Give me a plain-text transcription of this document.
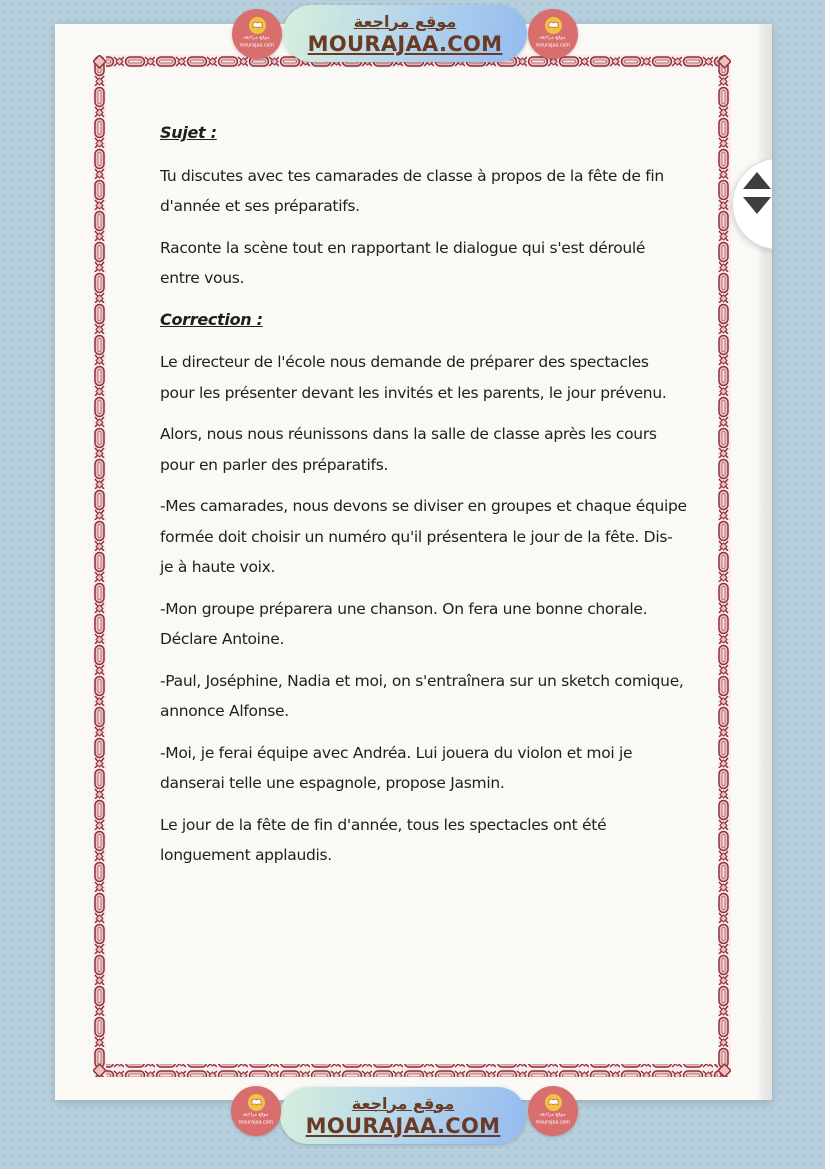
Sujet :

Tu discutes avec tes camarades de classe à propos de la fête de fin
d'année et ses préparatifs.

Raconte la scène tout en rapportant le dialogue qui s'est déroulé
entre vous.

Correction :

Le directeur de l'école nous demande de préparer des spectacles
pour les présenter devant les invités et les parents, le jour prévenu.

Alors, nous nous réunissons dans la salle de classe après les cours
pour en parler des préparatifs.

-Mes camarades, nous devons se diviser en groupes et chaque équipe
formée doit choisir un numéro qu'il présentera le jour de la fête. Dis-
je à haute voix.

-Mon groupe préparera une chanson. On fera une bonne chorale.
Déclare Antoine.

-Paul, Joséphine, Nadia et moi, on s'entraînera sur un sketch comique,
annonce Alfonse.

-Moi, je ferai équipe avec Andréa. Lui jouera du violon et moi je
danserai telle une espagnole, propose Jasmin.

Le jour de la fête de fin d'année, tous les spectacles ont été
longuement applaudis.

موقع مراجعة
MOURAJAA.COM
موقع مراجعة
mourajaa.com
موقع مراجعة
mourajaa.com
موقع مراجعة
MOURAJAA.COM
موقع مراجعة
mourajaa.com
موقع مراجعة
mourajaa.com
